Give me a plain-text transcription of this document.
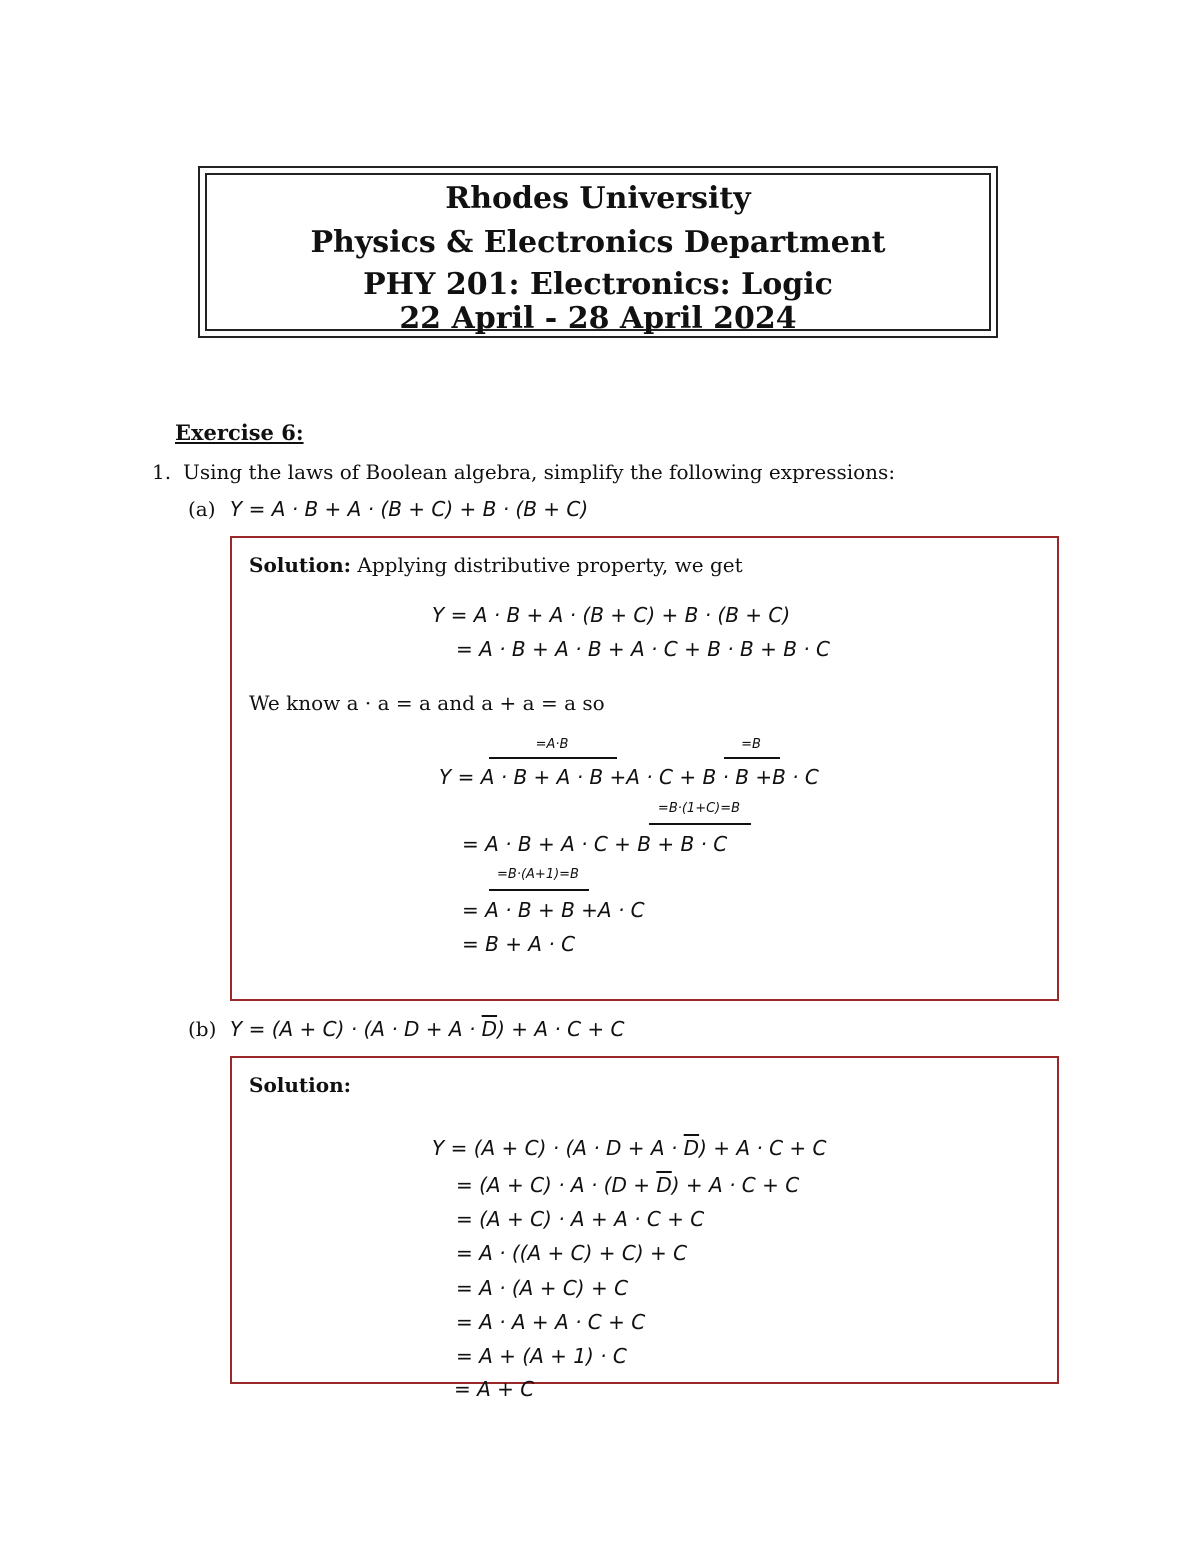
Rhodes University
Physics & Electronics Department
PHY 201: Electronics: Logic
22 April - 28 April 2024
Exercise 6:
1. Using the laws of Boolean algebra, simplify the following expressions:
(a) Y = A · B + A · (B + C) + B · (B + C)
Solution: Applying distributive property, we get
Y = A · B + A · (B + C) + B · (B + C)
= A · B + A · B + A · C + B · B + B · C
We know a · a = a and a + a = a so
=A·B	=B
Y = A · B + A · B +A · C + B · B +B · C
=B·(1+C)=B
= A · B + A · C + B + B · C
=B·(A+1)=B
= A · B + B +A · C
= B + A · C
(b) $Y = (A + C) \cdot (A \cdot D + A \cdot \overline{D}) + A \cdot C + C$
Solution:
$Y = (A + C) \cdot (A \cdot D + A \cdot \overline{D}) + A \cdot C + C$
= $(A + C) \cdot A \cdot (D + \overline{D}) + A \cdot C + C$
= (A + C) · A + A · C + C
= A · ((A + C) + C) + C
= A · (A + C) + C
= A · A + A · C + C
= A + (A + 1) · C
= A + C
